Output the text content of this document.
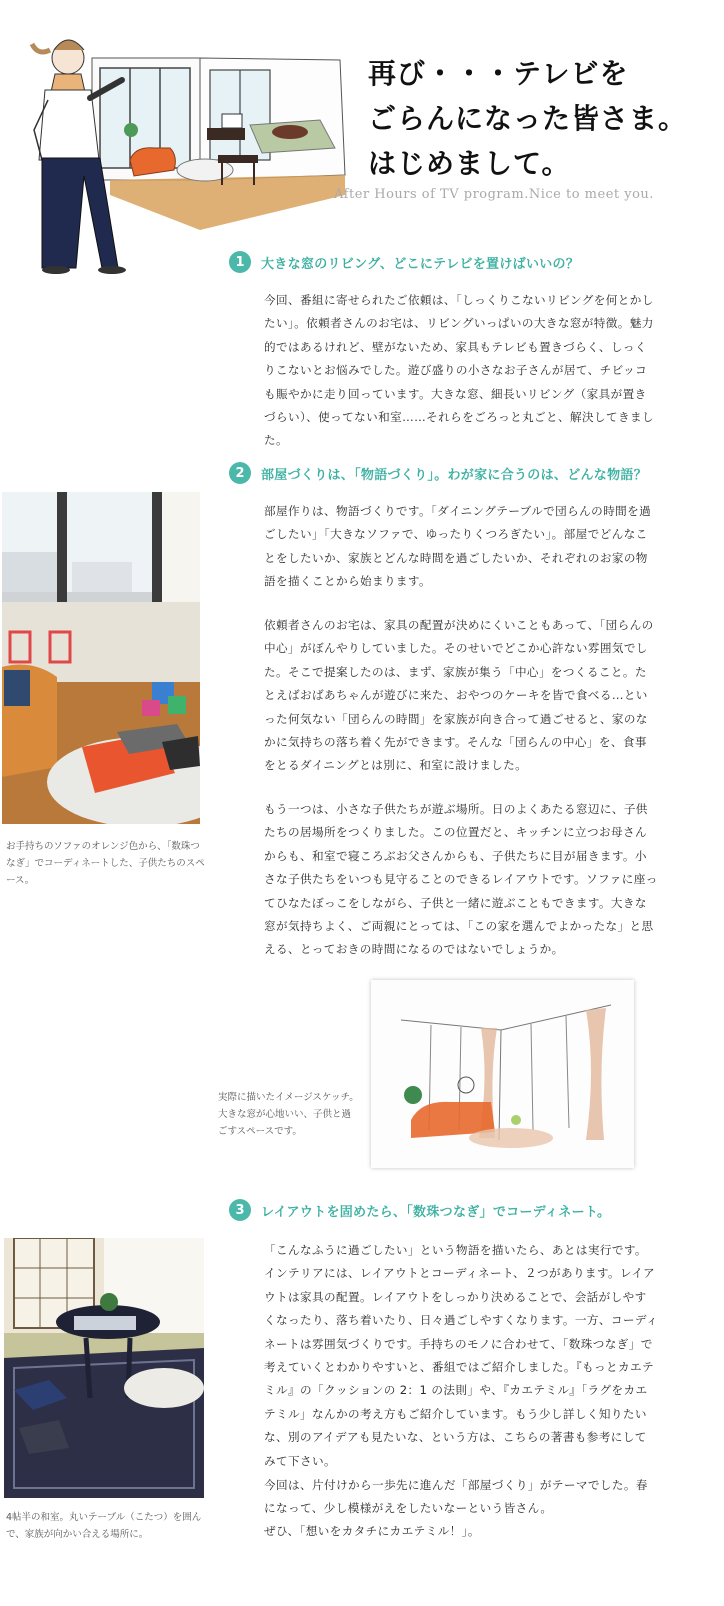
再び・・・テレビを
ごらんになった皆さま。
はじめまして。
After Hours of TV program.Nice to meet you.
1	大きな窓のリビング、どこにテレビを置けばいいの？
今回、番組に寄せられたご依頼は、「しっくりこないリビングを何とかしたい」。依頼者さんのお宅は、リビングいっぱいの大きな窓が特徴。魅力的ではあるけれど、壁がないため、家具もテレビも置きづらく、しっくりこないとお悩みでした。遊び盛りの小さなお子さんが居て、チビッコも賑やかに走り回っています。大きな窓、細長いリビング（家具が置きづらい）、使ってない和室……それらをごろっと丸ごと、解決してきました。
2	部屋づくりは、「物語づくり」。わが家に合うのは、どんな物語？
部屋作りは、物語づくりです。「ダイニングテーブルで団らんの時間を過ごしたい」「大きなソファで、ゆったりくつろぎたい」。部屋でどんなことをしたいか、家族とどんな時間を過ごしたいか、それぞれのお家の物語を描くことから始まります。
依頼者さんのお宅は、家具の配置が決めにくいこともあって、「団らんの中心」がぼんやりしていました。そのせいでどこか心許ない雰囲気でした。そこで提案したのは、まず、家族が集う「中心」をつくること。たとえばおばあちゃんが遊びに来た、おやつのケーキを皆で食べる…といった何気ない「団らんの時間」を家族が向き合って過ごせると、家のなかに気持ちの落ち着く先ができます。そんな「団らんの中心」を、食事をとるダイニングとは別に、和室に設けました。
もう一つは、小さな子供たちが遊ぶ場所。日のよくあたる窓辺に、子供たちの居場所をつくりました。この位置だと、キッチンに立つお母さんからも、和室で寝ころぶお父さんからも、子供たちに目が届きます。小さな子供たちをいつも見守ることのできるレイアウトです。ソファに座ってひなたぼっこをしながら、子供と一緒に遊ぶこともできます。大きな窓が気持ちよく、ご両親にとっては、「この家を選んでよかったな」と思える、とっておきの時間になるのではないでしょうか。
お手持ちのソファのオレンジ色から、「数珠つなぎ」でコーディネートした、子供たちのスペース。
実際に描いたイメージスケッチ。大きな窓が心地いい、子供と過ごすスペースです。
3	レイアウトを固めたら、「数珠つなぎ」でコーディネート。
「こんなふうに過ごしたい」という物語を描いたら、あとは実行です。インテリアには、レイアウトとコーディネート、２つがあります。レイアウトは家具の配置。レイアウトをしっかり決めることで、会話がしやすくなったり、落ち着いたり、日々過ごしやすくなります。一方、コーディネートは雰囲気づくりです。手持ちのモノに合わせて、「数珠つなぎ」で考えていくとわかりやすいと、番組ではご紹介しました。『もっとカエテミル』の「クッションの 2：1 の法則」や、『カエテミル』「ラグをカエテミル」なんかの考え方もご紹介しています。もう少し詳しく知りたいな、別のアイデアも見たいな、という方は、こちらの著書も参考にしてみて下さい。
今回は、片付けから一歩先に進んだ「部屋づくり」がテーマでした。春になって、少し模様がえをしたいなーという皆さん。
ぜひ、「想いをカタチにカエテミル！」。
4帖半の和室。丸いテーブル（こたつ）を囲んで、家族が向かい合える場所に。
